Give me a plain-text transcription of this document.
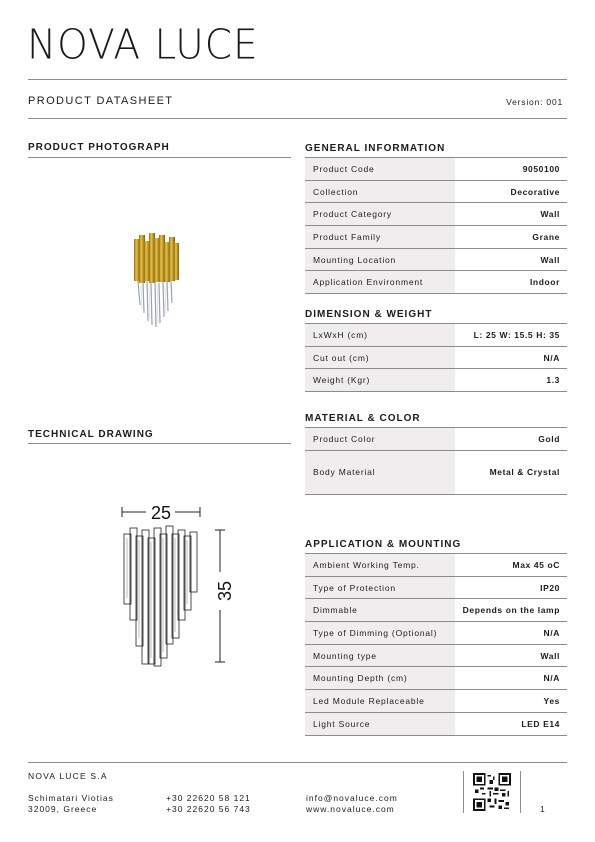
NOVA LUCE
PRODUCT DATASHEET	Version: 001
PRODUCT PHOTOGRAPH
TECHNICAL DRAWING
25
35
GENERAL INFORMATION
Product Code	9050100
Collection	Decorative
Product Category	Wall
Product Family	Grane
Mounting Location	Wall
Application Environment	Indoor
DIMENSION & WEIGHT
LxWxH (cm)	L: 25 W: 15.5 H: 35
Cut out (cm)	N/A
Weight (Kgr)	1.3
MATERIAL & COLOR
Product Color	Gold
Body Material	Metal & Crystal
APPLICATION & MOUNTING
Ambient Working Temp.	Max 45 oC
Type of Protection	IP20
Dimmable	Depends on the lamp
Type of Dimming (Optional)	N/A
Mounting type	Wall
Mounting Depth (cm)	N/A
Led Module Replaceable	Yes
Light Source	LED E14
NOVA LUCE S.A
Schimatari Viotias
32009, Greece
+30 22620 58 121
+30 22620 56 743
info@novaluce.com
www.novaluce.com	1
